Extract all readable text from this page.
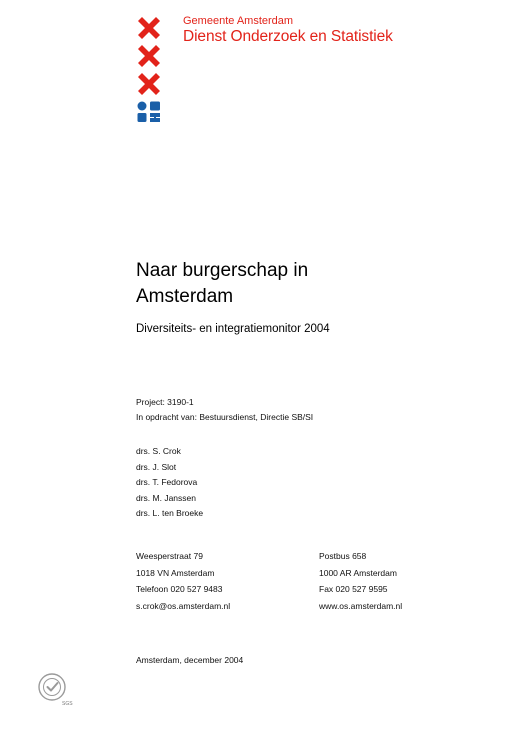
Gemeente Amsterdam
Dienst Onderzoek en Statistiek
Naar burgerschap in
Amsterdam
Diversiteits- en integratiemonitor 2004
Project: 3190-1
In opdracht van: Bestuursdienst, Directie SB/SI
drs. S. Crok
drs. J. Slot
drs. T. Fedorova
drs. M. Janssen
drs. L. ten Broeke
Weesperstraat 79
1018 VN Amsterdam
Telefoon 020 527 9483
s.crok@os.amsterdam.nl
Postbus 658
1000 AR Amsterdam
Fax 020 527 9595
www.os.amsterdam.nl
Amsterdam, december 2004
SGS
